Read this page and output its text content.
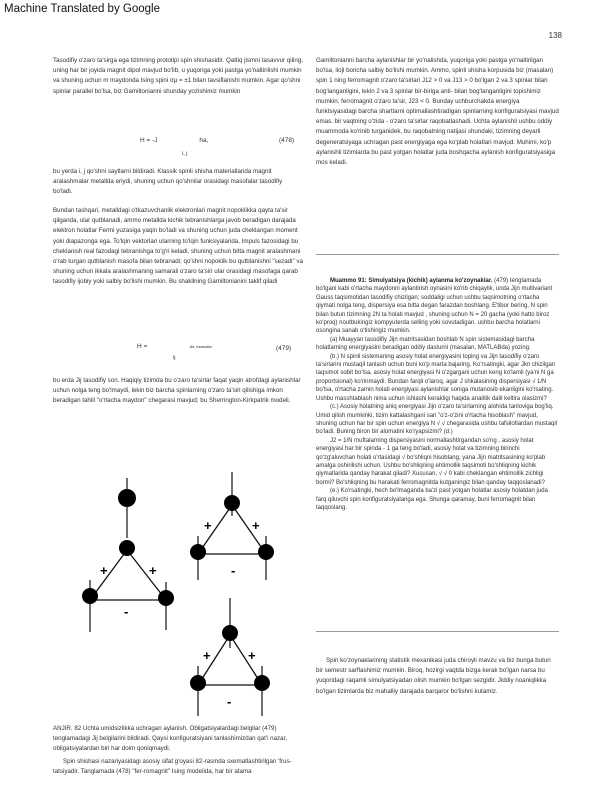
Machine Translated by Google
138

Tasodifiy o'zaro ta'sirga ega tizimning prototipi spin shishasidir. Qattiq jismni tasavvur qiling, uning har bir joyida magnit dipol mavjud bo'lib, u yuqoriga yoki pastga yo'naltirilishi mumkin va shuning uchun m maydonda Ising spini σμ = ±1 bilan tavsiflanishi mumkin. Agar qo'shni spinlar parallel bo'lsa, biz Gamiltonianni shunday yozishimiz mumkin

H = -J	ha,
i, j
(478)

bu yerda i, j qo'shni saytlarni bildiradi. Klassik spinli shisha materiallarida magnit aralashmalar metallda eriydi, shuning uchun qo'shnilar orasidagi masofalar tasodifiy bo'ladi.

Bundan tashqari, metalldagi o'tkazuvchanlik elektronlari magnit nopoklikka qayta ta'sir qilganda, ular qutblanadi, ammo metallda kichik tebranishlarga javob beradigan darajada elektron holatlar Fermi yuzasiga yaqin bo'ladi va shuning uchun juda cheklangan moment yoki diapazonga ega. To'lqin vektorlari ularning to'lqin funksiyalarida. Impuls fazosidagi bu cheklanish real fazodagi tebranishga to'g'ri keladi, shuning uchun bitta magnit aralashmani o'rab turgan qutblanish masofa bilan tebranadi; qo'shni nopoklik bu qutblanishni "sezadi" va shuning uchun ikkala aralashmaning samarali o'zaro ta'siri ular orasidagi masofaga qarab tasodifiy ijobiy yoki salbiy bo'lishi mumkin. Bu shakllning Gamiltonianini taklif qiladi

H =	Jkk, harakatlar
ij
(479)

bu erda Jij tasodifiy son. Haqiqiy tizimda bu o'zaro ta'sirlar faqat yaqin atrofdagi aylanishlar uchun nolga teng bo'lmaydi, lekin biz barcha spinlarning o'zaro ta'siri qilishiga imkon beradigan tahlil "o'rtacha maydon" chegarasi mavjud; bu Sherrington-Kirkpatrik modeli.

+	+
-
+	+
-
+	+
-

ANJIR. 82 Uchta umidsizlikka uchragan aylanish. Obligatsiyalardagi belgilar (479) tenglamadagi Jij belgilarini bildiradi. Qaysi konfiguratsiyani tanlashimizdan qat'i nazar, obligatsiyalardan biri har doim qoniqmaydi.

Spin shishasi nazariyasidagi asosiy sifat g'oyasi 82-rasmda sxematlashtirilgan 'frus-tatsiyadir. Tanglamada (478) "fer-romagnit" Ising modelida, har bir atama

Gamiltonianni barcha aylanishlar bir yo'nalishda, yuqoriga yoki pastga yo'naltirilgan bo'lsa, ilojl boricha salbiy bo'lishi mumkin. Ammo, spinli shisha korpusida biz (masalan) spin 1 ning ferromagnit o'zaro ta'sirlari J12 > 0 va J13 > 0 bo'lgan 2 va 3 spinlar bilan bog'langanligini, lekin 2 va 3 spinlar bir-biriga anti- bilan bog'langanligini topishimiz mumkin. ferromagnit o'zaro ta'sir, J23 < 0. Bunday uchburchakda energiya funktsiyasidagi barcha shartlarni optimallashtiradigan spinlarning konfiguratsiyasi mavjud emas. bir vaqtning o'zida - o'zaro ta'sirlar raqobatlashadi. Uchta aylanishli ushbu oddiy muammoda ko'rinib turganidek, bu raqobatning natijasi shundaki, tizimning deyarli degeneratsiyaga uchragan past energiyaga ega ko'plab holatlari mavjud. Muhimi, ko'p aylanishli tizimlarda bu past yotgan holatlar juda boshqacha aylanish konfiguratsiyasiga mos keladi.

Muammo 91: Simulyatsiya (kichik) aylanma ko'zoynaklar. (479) tenglamada bo'lgani kabi o'rtacha maydonni aylantirish oynasini ko'rib chiqaylik, unda Jijn multivariant Gauss taqsimotidan tasodifiy chizilgan; soddaligi uchun ushbu taqsimotning o'rtacha qiymati nolga teng, dispersiya esa bitta degan farazdan boshlang. E'tibor bering, N spin bilan butun tizimning 2N ta holati mavjud , shuning uchun N = 20 gacha (yoki hatto biroz ko'proq) noutbukingiz kompyuterda selling yoki sovutadigan. ushbu barcha holatlarni osongina sanab o'tishingiz mumkin.

(a) Muayyan tasodifiy Jijn matritsasidan boshlab N spin sistemasidagi barcha holatlarning energiyasini beradigan oddiy dasturni (masalan, MATLABda) yozing.

(b.) N spinli sistemaning asosiy holat energiyasini toping va Jijn tasodifiy o'zaro ta'sirlarini mustaqil tanlash uchun buni ko'p marta bajaring. Ko'rsatingki, agar Jkn chizilgan taqsimot sobit bo'lsa, asosiy holat energiyasi N o'zgargani uchun keng ko'lamli (ya'ni N ga proportsional) ko'rinmaydi. Bundan farqli o'laroq, agar J shkalasining dispersiyasi √ 1/N bo'lsa, o'rtacha zamin holati energiyasi aylanishlar soniga mutanosib ekanligini ko'rsating. Ushbu masshtablash nima uchun ishlashi kerakligi haqida analitik dalil keltira olasizmi?

(c.) Asosiy holatning aniq energiyasi Jijn o'zaro ta'sirlarning alohida tanloviga bog'liq. Umid qilish mumkinki, tizim kattalashgani sari "o'z-o'zini o'rtacha hisoblash" mavjud, shuning uchun har bir spin uchun energiya N √ √ chegarasida ushbu tafsilotlardan mustaqil bo'ladi. Buning biron bir alomatini ko'ryapsizmi? (d.)

J2 = 1/N muftalarning dispersiyasini normallashtirgandan so'ng , asosiy holat energiyasi har bir spinda - 1 ga teng bo'ladi, asosiy holat va tizimning birinchi qo'zg'aluvchan holati o'rtasidagi √ bo'shliqni hisoblang, yana Jijn matritsasining ko'plab amalga oshirilishi uchun. Ushbu bo'shliqning ehtimollik taqsimoti bo'shliqning kichik qiymatlarida qanday harakat qiladi? Xususan, √ √ 0 kabi cheklangan ehtimollik zichligi bormi? Bo'shliqning bu harakati ferromagnitda kutganingiz bilan qanday taqqoslanadi?

(e.) Ko'rsatingki, hech bo'lmaganda ba'zi past yotgan holatlar asosiy holatdan juda farq qiluvchi spin konfiguratsiyalariga ega. Shunga qaramay, buni ferromagnit bilan taqqoslang.

Spin ko'zoynaklarining statistik mexanikasi juda chiroyli mavzu va biz bunga butun bir semestr sarflashimiz mumkin. Biroq, hozirgi vaqtda bizga kerak bo'lgan narsa bu yuqoridagi raqamli simulyatsiyadan olish mumkin bo'lgan sezgidir. Jiddiy noaniqlikka bo'lgan tizimlarda biz mahalliy darajada barqaror bo'lishni kutamiz.
